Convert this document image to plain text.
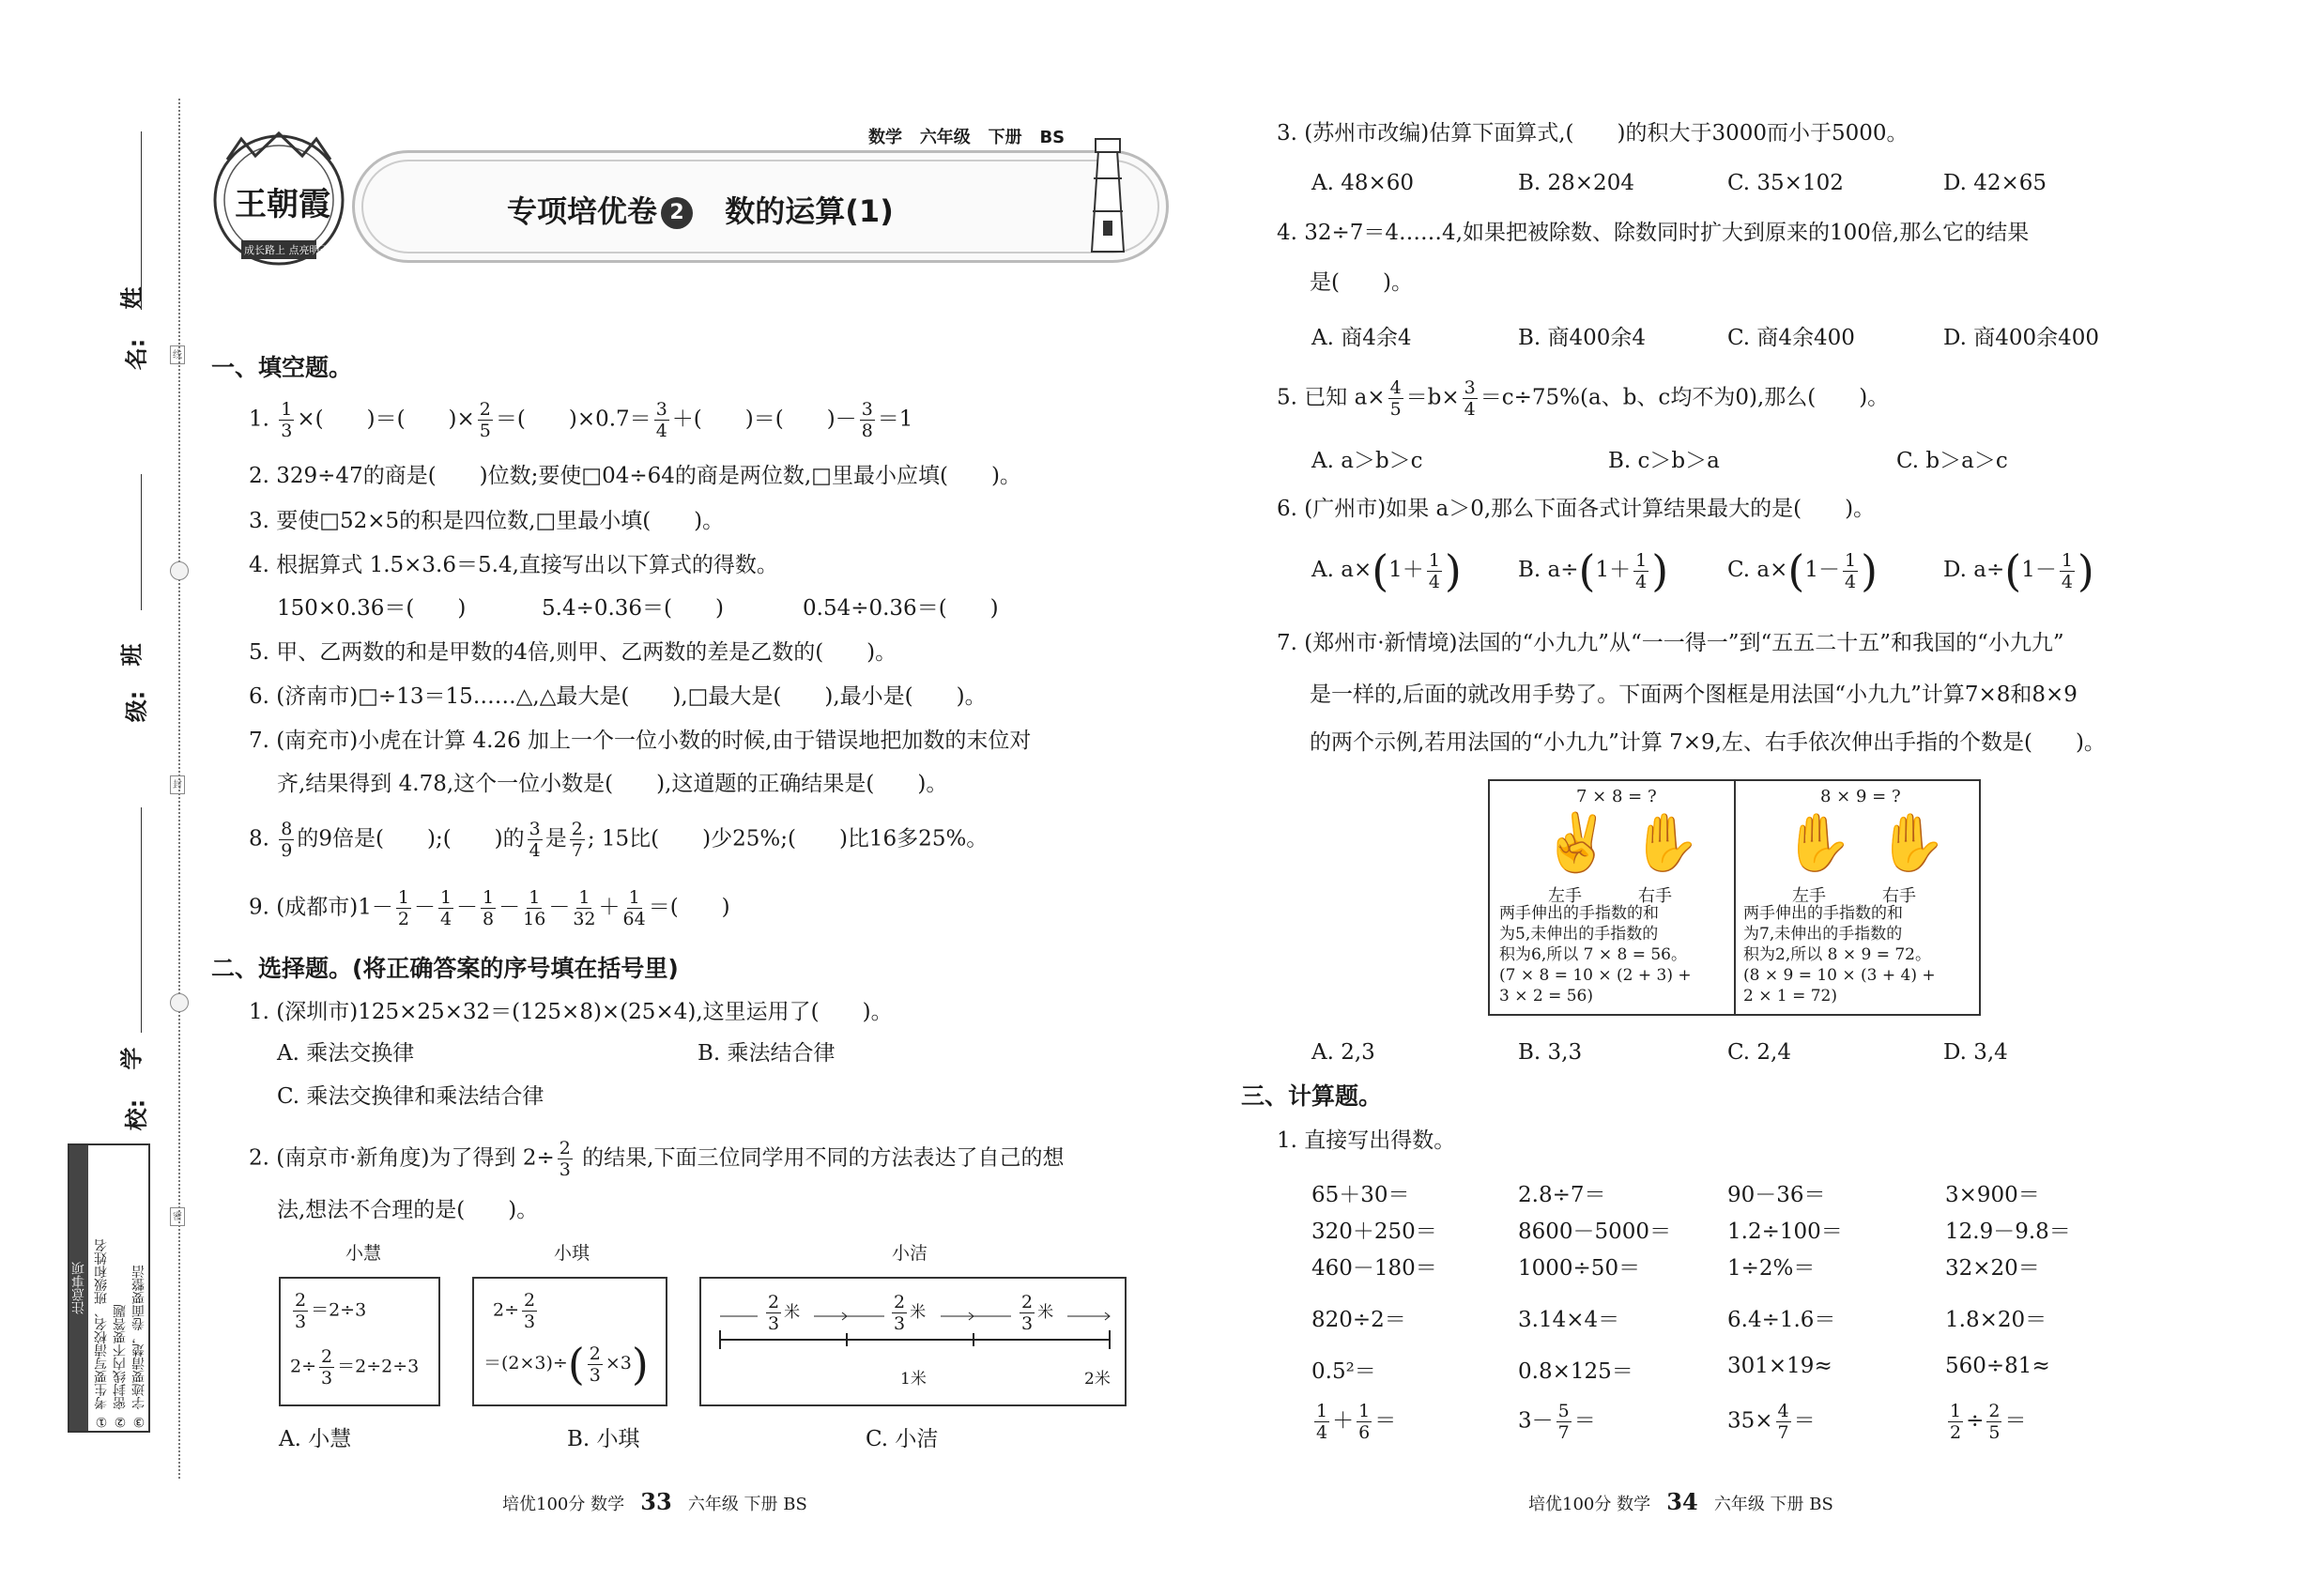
姓
名:
班
级:
学
校:
线
封
密
注意事项 ① 考生要写清校名、班级和姓名 ② 密封线内不要答题 ③ 字迹要清楚，卷面要整洁
王朝霞
成长路上 点亮明天
数学 六年级 下册 BS
专项培优卷 2 数的运算(1)
一、填空题。
1. $\frac{1}{3}$ ×(　　)＝(　　)× $\frac{2}{5}$ ＝(　　)$\times 0.7= \frac{3}{4}$ ＋(　　)＝(　　)－ $\frac{3}{8} =1$
2. 329÷47的商是(　　)位数;要使□04÷64的商是两位数,□里最小应填(　　)。
3. 要使□52×5的积是四位数,□里最小填(　　)。
4. 根据算式 1.5×3.6＝5.4,直接写出以下算式的得数。
150×0.36＝(　　)	5.4÷0.36＝(　　)	0.54÷0.36＝(　　)
5. 甲、乙两数的和是甲数的4倍,则甲、乙两数的差是乙数的(　　)。
6. (济南市)□÷13＝15……△,△最大是(　　),□最大是(　　),最小是(　　)。
7. (南充市)小虎在计算 4.26 加上一个一位小数的时候,由于错误地把加数的末位对
齐,结果得到 4.78,这个一位小数是(　　),这道题的正确结果是(　　)。
8. $\frac{8}{9}$ 的9倍是(　　);(　　)的 $\frac{3}{4}$ 是 $\frac{2}{7}$ ; 15比(　　)少25%;(　　)比16多25%。
9. (成都市)$1- \frac{1}{2} - \frac{1}{4} - \frac{1}{8} - \frac{1}{16} - \frac{1}{32} + \frac{1}{64}$ ＝(　　)
二、选择题。(将正确答案的序号填在括号里)
1. (深圳市)125×25×32＝(125×8)×(25×4),这里运用了(　　)。
A. 乘法交换律	B. 乘法结合律
C. 乘法交换律和乘法结合律
2. (南京市·新角度)为了得到 $2\div \frac{2}{3}$ 的结果,下面三位同学用不同的方法表达了自己的想
法,想法不合理的是(　　)。
小慧	小琪	小洁
$\frac{2}{3} =2\div 3$
$2\div \frac{2}{3} =2\div 2\div 3$
$2\div \frac{2}{3}$
$=(2\times 3)\div( \frac{2}{3} \times 3)$
$\frac{2}{3}$ 米	$\frac{2}{3}$ 米	$\frac{2}{3}$ 米
1米	2米
A. 小慧	B. 小琪	C. 小洁
培优100分 数学 33 六年级 下册 BS
3. (苏州市改编)估算下面算式,(　　)的积大于3000而小于5000。
A. 48×60	B. 28×204	C. 35×102	D. 42×65
4. 32÷7＝4……4,如果把被除数、除数同时扩大到原来的100倍,那么它的结果
是(　　)。
A. 商4余4	B. 商400余4	C. 商4余400	D. 商400余400
5. 已知 $a\times \frac{4}{5} =b\times \frac{3}{4} =c\div 75\%(a$、b、c均不为0),那么(　　)。
A. a＞b＞c	B. c＞b＞a	C. b＞a＞c
6. (广州市)如果 a＞0,那么下面各式计算结果最大的是(　　)。
A. $a\times(1+ \frac{1}{4}$ )	B. $a\div(1+ \frac{1}{4}$ )	C. $a\times(1- \frac{1}{4}$ )	D. $a\div(1- \frac{1}{4}$ )
7. (郑州市·新情境)法国的“小九九”从“一一得一”到“五五二十五”和我国的“小九九”
是一样的,后面的就改用手势了。下面两个图框是用法国“小九九”计算7×8和8×9
的两个示例,若用法国的“小九九”计算 7×9,左、右手依次伸出手指的个数是(　　)。
7 × 8 = ?	8 × 9 = ?
✌ ✋ ✋ ✋
左手	右手	左手	右手
两手伸出的手指数的和
为5,未伸出的手指数的
积为6,所以 7 × 8 = 56。
(7 × 8 = 10 × (2 + 3) +
3 × 2 = 56)
两手伸出的手指数的和
为7,未伸出的手指数的
积为2,所以 8 × 9 = 72。
(8 × 9 = 10 × (3 + 4) +
2 × 1 = 72)
A. 2,3	B. 3,3	C. 2,4	D. 3,4
三、计算题。
1. 直接写出得数。
65＋30＝	2.8÷7＝	90－36＝	3×900＝
320＋250＝	8600－5000＝	1.2÷100＝	12.9－9.8＝
460－180＝	1000÷50＝	1÷2%＝	32×20＝
820÷2＝	3.14×4＝	6.4÷1.6＝	1.8×20＝
0.5²＝	0.8×125＝	301×19≈	560÷81≈
$\frac{1}{4} + \frac{1}{6}$ ＝	$3- \frac{5}{7}$ ＝	$35\times \frac{4}{7}$ ＝	$\frac{1}{2} \div \frac{2}{5}$ ＝
培优100分 数学 34 六年级 下册 BS
